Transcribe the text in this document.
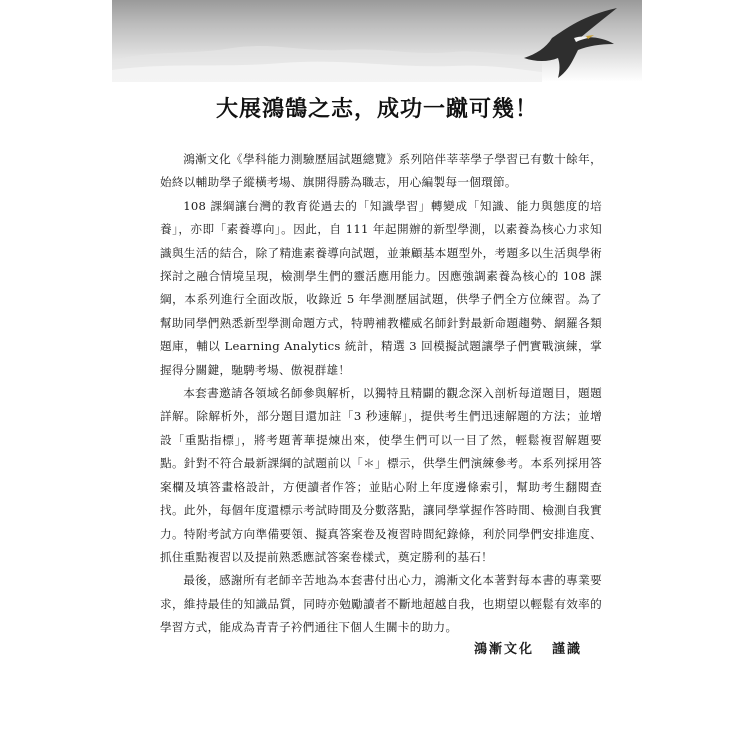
大展鴻鵠之志，成功一蹴可幾！

鴻漸文化《學科能力測驗歷屆試題總覽》系列陪伴莘莘學子學習已有數十餘年，始終以輔助學子縱橫考場、旗開得勝為職志，用心編製每一個環節。

108 課綱讓台灣的教育從過去的「知識學習」轉變成「知識、能力與態度的培養」，亦即「素養導向」。因此，自 111 年起開辦的新型學測，以素養為核心力求知識與生活的結合，除了精進素養導向試題，並兼顧基本題型外，考題多以生活與學術探討之融合情境呈現，檢測學生們的靈活應用能力。因應強調素養為核心的 108 課綱，本系列進行全面改版，收錄近 5 年學測歷屆試題，供學子們全方位練習。為了幫助同學們熟悉新型學測命題方式，特聘補教權威名師針對最新命題趨勢、網羅各類題庫，輔以 Learning Analytics 統計，精選 3 回模擬試題讓學子們實戰演練，掌握得分關鍵，馳騁考場、傲視群雄！

本套書邀請各領域名師參與解析，以獨特且精闢的觀念深入剖析每道題目，題題詳解。除解析外，部分題目還加註「3 秒速解」，提供考生們迅速解題的方法；並增設「重點指標」，將考題菁華提煉出來，使學生們可以一目了然，輕鬆複習解題要點。針對不符合最新課綱的試題前以「＊」標示，供學生們演練參考。本系列採用答案欄及填答畫格設計，方便讀者作答；並貼心附上年度邊條索引，幫助考生翻閱查找。此外，每個年度還標示考試時間及分數落點，讓同學掌握作答時間、檢測自我實力。特附考試方向準備要領、擬真答案卷及複習時間紀錄條，利於同學們安排進度、抓住重點複習以及提前熟悉應試答案卷樣式，奠定勝利的基石！

最後，感謝所有老師辛苦地為本套書付出心力，鴻漸文化本著對每本書的專業要求，維持最佳的知識品質，同時亦勉勵讀者不斷地超越自我，也期望以輕鬆有效率的學習方式，能成為青青子衿們通往下個人生關卡的助力。

鴻漸文化 謹識
